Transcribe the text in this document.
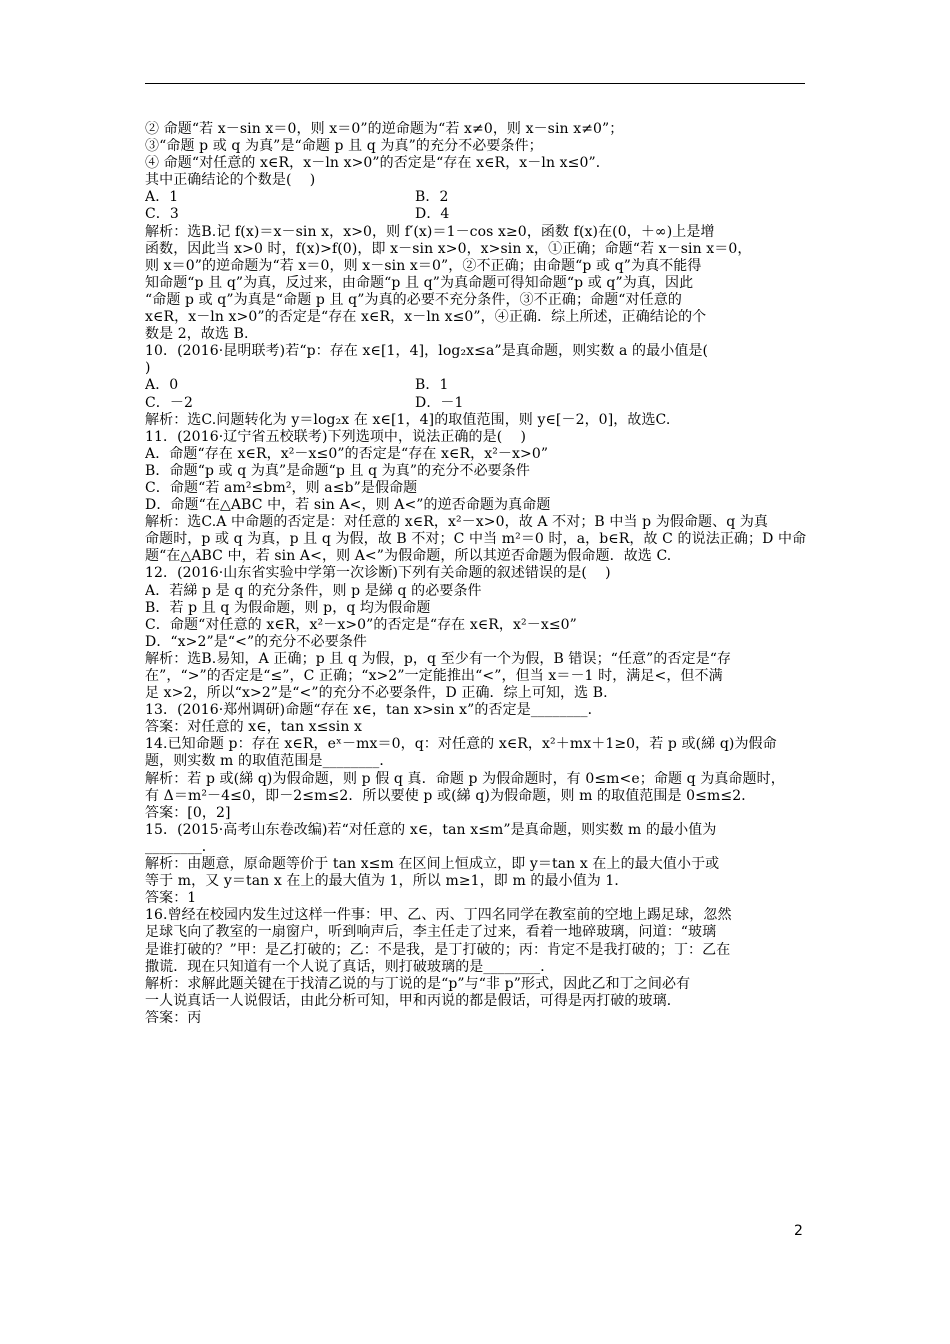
② 命题“若 x－sin x＝0，则 x＝0”的逆命题为“若 x≠0，则 x－sin x≠0”；
③“命题 p 或 q 为真”是“命题 p 且 q 为真”的充分不必要条件；
④ 命题“对任意的 x∈R，x－ln x>0”的否定是“存在 x∈R，x－ln x≤0”．
其中正确结论的个数是(    )
A．1	B．2
C．3	D．4
解析：选B.记 f(x)＝x－sin x，x>0，则 f′(x)＝1－cos x≥0，函数 f(x)在(0，＋∞)上是增
函数，因此当 x>0 时，f(x)>f(0)，即 x－sin x>0，x>sin x，①正确；命题“若 x－sin x＝0，
则 x＝0”的逆命题为“若 x＝0，则 x－sin x＝0”，②不正确；由命题“p 或 q”为真不能得
知命题“p 且 q”为真，反过来，由命题“p 且 q”为真命题可得知命题“p 或 q”为真，因此
“命题 p 或 q”为真是“命题 p 且 q”为真的必要不充分条件，③不正确；命题“对任意的
x∈R，x－ln x>0”的否定是“存在 x∈R，x－ln x≤0”，④正确．综上所述，正确结论的个
数是 2，故选 B.
10．(2016·昆明联考)若“p：存在 x∈[1，4]，log₂x≤a”是真命题，则实数 a 的最小值是(
)
A．0	B．1
C．－2	D．－1
解析：选C.问题转化为 y＝log₂x 在 x∈[1，4]的取值范围，则 y∈[－2，0]，故选C.
11．(2016·辽宁省五校联考)下列选项中，说法正确的是(    )
A．命题“存在 x∈R，x²－x≤0”的否定是“存在 x∈R，x²－x>0”
B．命题“p 或 q 为真”是命题“p 且 q 为真”的充分不必要条件
C．命题“若 am²≤bm²，则 a≤b”是假命题
D．命题“在△ABC 中，若 sin A<，则 A<”的逆否命题为真命题
解析：选C.A 中命题的否定是：对任意的 x∈R，x²－x>0，故 A 不对；B 中当 p 为假命题、q 为真
命题时，p 或 q 为真，p 且 q 为假，故 B 不对；C 中当 m²＝0 时，a，b∈R，故 C 的说法正确；D 中命
题“在△ABC 中，若 sin A<，则 A<”为假命题，所以其逆否命题为假命题．故选 C.
12．(2016·山东省实验中学第一次诊断)下列有关命题的叙述错误的是(    )
A．若綈 p 是 q 的充分条件，则 p 是綈 q 的必要条件
B．若 p 且 q 为假命题，则 p，q 均为假命题
C．命题“对任意的 x∈R，x²－x>0”的否定是“存在 x∈R，x²－x≤0”
D．“x>2”是“<”的充分不必要条件
解析：选B.易知，A 正确；p 且 q 为假，p，q 至少有一个为假，B 错误；“任意”的否定是“存
在”，“>”的否定是“≤”，C 正确；“x>2”一定能推出“<”，但当 x＝－1 时，满足<，但不满
足 x>2，所以“x>2”是“<”的充分不必要条件，D 正确．综上可知，选 B.
13．(2016·郑州调研)命题“存在 x∈，tan x>sin x”的否定是________．
答案：对任意的 x∈，tan x≤sin x
14.已知命题 p：存在 x∈R，eˣ－mx＝0，q：对任意的 x∈R，x²＋mx＋1≥0，若 p 或(綈 q)为假命
题，则实数 m 的取值范围是________．
解析：若 p 或(綈 q)为假命题，则 p 假 q 真．命题 p 为假命题时，有 0≤m<e；命题 q 为真命题时，
有 Δ＝m²－4≤0，即－2≤m≤2．所以要使 p 或(綈 q)为假命题，则 m 的取值范围是 0≤m≤2．
答案：[0，2]
15．(2015·高考山东卷改编)若“对任意的 x∈，tan x≤m”是真命题，则实数 m 的最小值为
________．
解析：由题意，原命题等价于 tan x≤m 在区间上恒成立，即 y＝tan x 在上的最大值小于或
等于 m，又 y＝tan x 在上的最大值为 1，所以 m≥1，即 m 的最小值为 1．
答案：1
16.曾经在校园内发生过这样一件事：甲、乙、丙、丁四名同学在教室前的空地上踢足球，忽然
足球飞向了教室的一扇窗户，听到响声后，李主任走了过来，看着一地碎玻璃，问道：“玻璃
是谁打破的？”甲：是乙打破的；乙：不是我，是丁打破的；丙：肯定不是我打破的；丁：乙在
撒谎．现在只知道有一个人说了真话，则打破玻璃的是________．
解析：求解此题关键在于找清乙说的与丁说的是“p”与“非 p”形式，因此乙和丁之间必有
一人说真话一人说假话，由此分析可知，甲和丙说的都是假话，可得是丙打破的玻璃．
答案：丙
2
